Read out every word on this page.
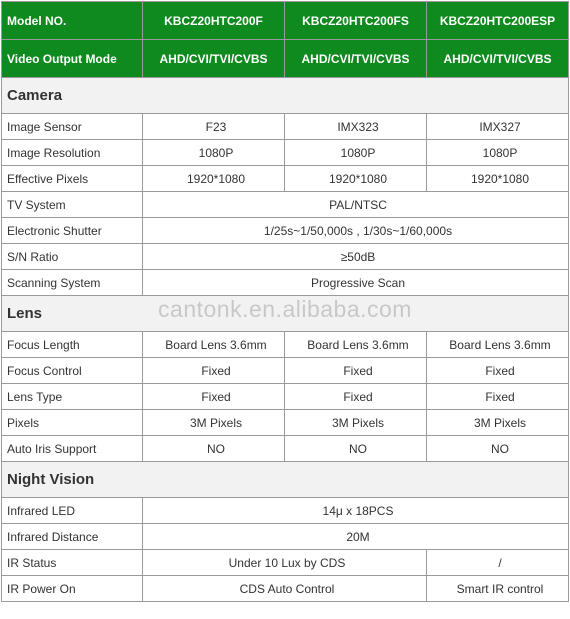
Model NO.	KBCZ20HTC200F	KBCZ20HTC200FS	KBCZ20HTC200ESP
Video Output Mode	AHD/CVI/TVI/CVBS	AHD/CVI/TVI/CVBS	AHD/CVI/TVI/CVBS
Camera			
Image Sensor	F23	IMX323	IMX327
Image Resolution	1080P	1080P	1080P
Effective Pixels	1920*1080	1920*1080	1920*1080
TV System	PAL/NTSC		
Electronic Shutter	1/25s~1/50,000s , 1/30s~1/60,000s		
S/N Ratio	≥50dB		
Scanning System	Progressive Scan		
Lens			
Focus Length	Board Lens 3.6mm	Board Lens 3.6mm	Board Lens 3.6mm
Focus Control	Fixed	Fixed	Fixed
Lens Type	Fixed	Fixed	Fixed
Pixels	3M Pixels	3M Pixels	3M Pixels
Auto Iris Support	NO	NO	NO
Night Vision			
Infrared LED	14μ x 18PCS		
Infrared Distance	20M		
IR Status	Under 10 Lux by CDS		/
IR Power On	CDS Auto Control		Smart IR control
cantonk.en.alibaba.com
